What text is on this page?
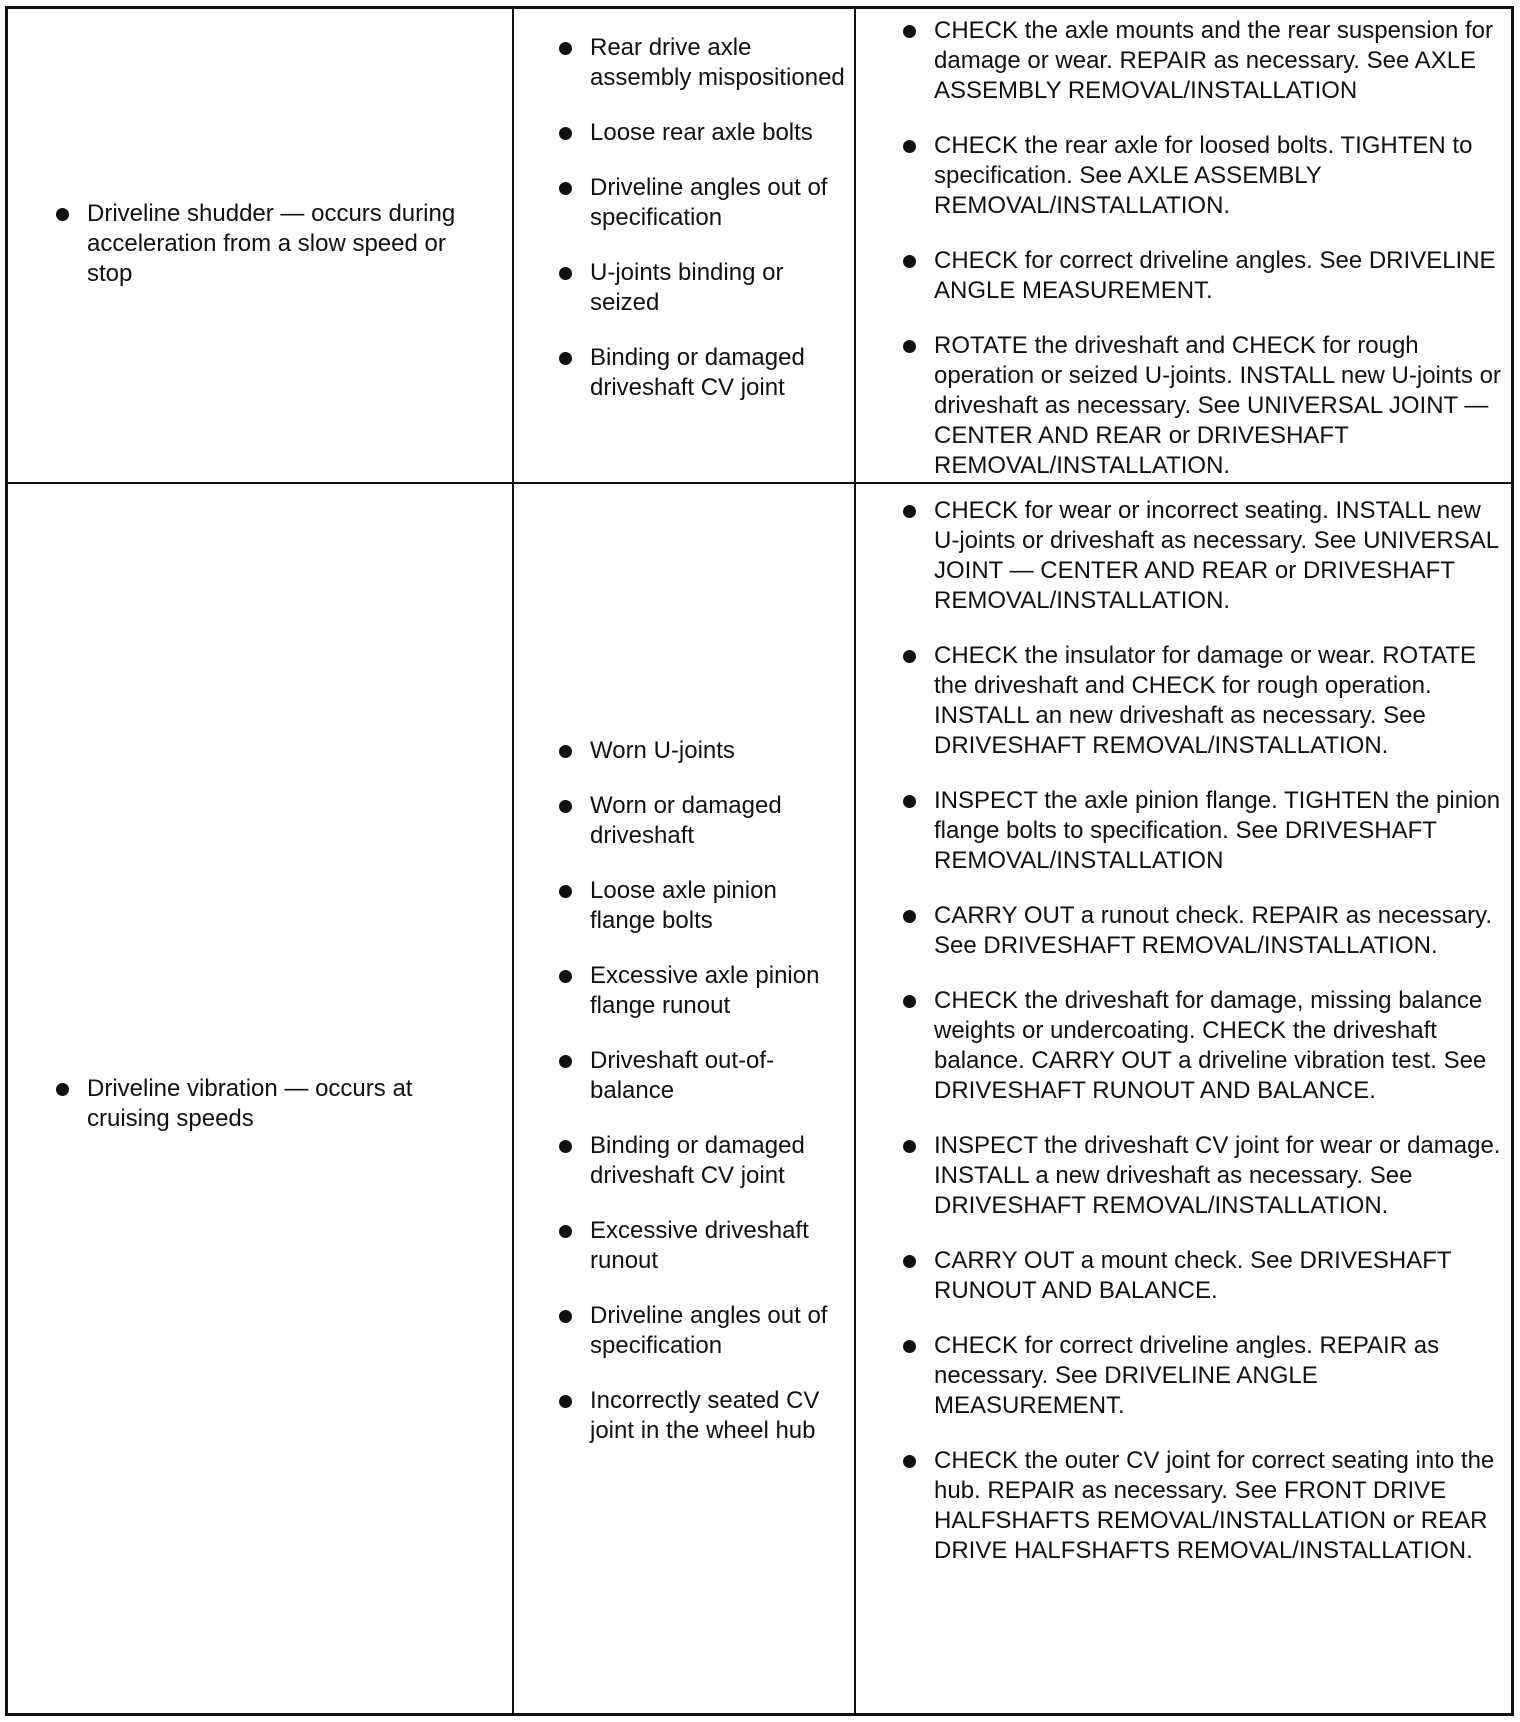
Driveline shudder — occurs during acceleration from a slow speed or stop
Rear drive axle assembly mispositioned
Loose rear axle bolts
Driveline angles out of specification
U-joints binding or seized
Binding or damaged driveshaft CV joint
CHECK the axle mounts and the rear suspension for damage or wear. REPAIR as necessary. See AXLE ASSEMBLY REMOVAL/INSTALLATION
CHECK the rear axle for loosed bolts. TIGHTEN to specification. See AXLE ASSEMBLY REMOVAL/INSTALLATION.
CHECK for correct driveline angles. See DRIVELINE ANGLE MEASUREMENT.
ROTATE the driveshaft and CHECK for rough operation or seized U-joints. INSTALL new U-joints or driveshaft as necessary. See UNIVERSAL JOINT — CENTER AND REAR or DRIVESHAFT REMOVAL/INSTALLATION.
Driveline vibration — occurs at cruising speeds
Worn U-joints
Worn or damaged driveshaft
Loose axle pinion flange bolts
Excessive axle pinion flange runout
Driveshaft out-of-balance
Binding or damaged driveshaft CV joint
Excessive driveshaft runout
Driveline angles out of specification
Incorrectly seated CV joint in the wheel hub
CHECK for wear or incorrect seating. INSTALL new U-joints or driveshaft as necessary. See UNIVERSAL JOINT — CENTER AND REAR or DRIVESHAFT REMOVAL/INSTALLATION.
CHECK the insulator for damage or wear. ROTATE the driveshaft and CHECK for rough operation. INSTALL an new driveshaft as necessary. See DRIVESHAFT REMOVAL/INSTALLATION.
INSPECT the axle pinion flange. TIGHTEN the pinion flange bolts to specification. See DRIVESHAFT REMOVAL/INSTALLATION
CARRY OUT a runout check. REPAIR as necessary. See DRIVESHAFT REMOVAL/INSTALLATION.
CHECK the driveshaft for damage, missing balance weights or undercoating. CHECK the driveshaft balance. CARRY OUT a driveline vibration test. See DRIVESHAFT RUNOUT AND BALANCE.
INSPECT the driveshaft CV joint for wear or damage. INSTALL a new driveshaft as necessary. See DRIVESHAFT REMOVAL/INSTALLATION.
CARRY OUT a mount check. See DRIVESHAFT RUNOUT AND BALANCE.
CHECK for correct driveline angles. REPAIR as necessary. See DRIVELINE ANGLE MEASUREMENT.
CHECK the outer CV joint for correct seating into the hub. REPAIR as necessary. See FRONT DRIVE HALFSHAFTS REMOVAL/INSTALLATION or REAR DRIVE HALFSHAFTS REMOVAL/INSTALLATION.
